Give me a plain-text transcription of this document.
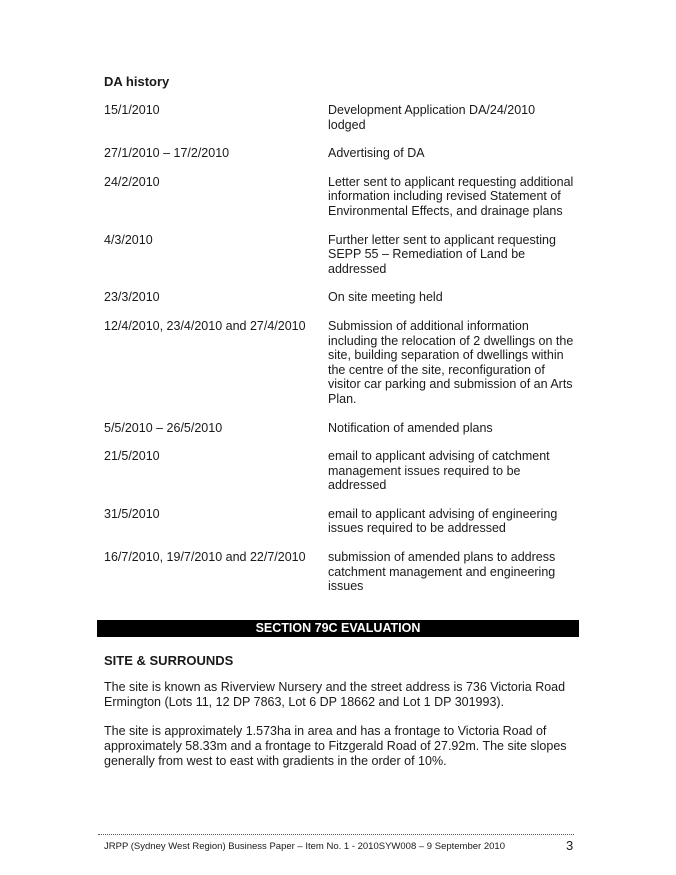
DA history
15/1/2010	Development Application DA/24/2010 lodged
27/1/2010 – 17/2/2010	Advertising of DA
24/2/2010	Letter sent to applicant requesting additional information including revised Statement of Environmental Effects, and drainage plans
4/3/2010	Further letter sent to applicant requesting SEPP 55 – Remediation of Land be addressed
23/3/2010	On site meeting held
12/4/2010, 23/4/2010 and 27/4/2010	Submission of additional information including the relocation of 2 dwellings on the site, building separation of dwellings within the centre of the site, reconfiguration of visitor car parking and submission of an Arts Plan.
5/5/2010 – 26/5/2010	Notification of amended plans
21/5/2010	email to applicant advising of catchment management issues required to be addressed
31/5/2010	email to applicant advising of engineering issues required to be addressed
16/7/2010, 19/7/2010 and 22/7/2010	submission of amended plans to address catchment management and engineering issues
SECTION 79C EVALUATION
SITE & SURROUNDS
The site is known as Riverview Nursery and the street address is 736 Victoria Road Ermington (Lots 11, 12 DP 7863, Lot 6 DP 18662 and Lot 1 DP 301993).
The site is approximately 1.573ha in area and has a frontage to Victoria Road of approximately 58.33m and a frontage to Fitzgerald Road of 27.92m. The site slopes generally from west to east with gradients in the order of 10%.
JRPP (Sydney West Region) Business Paper – Item No. 1 - 2010SYW008 – 9 September 2010	3
